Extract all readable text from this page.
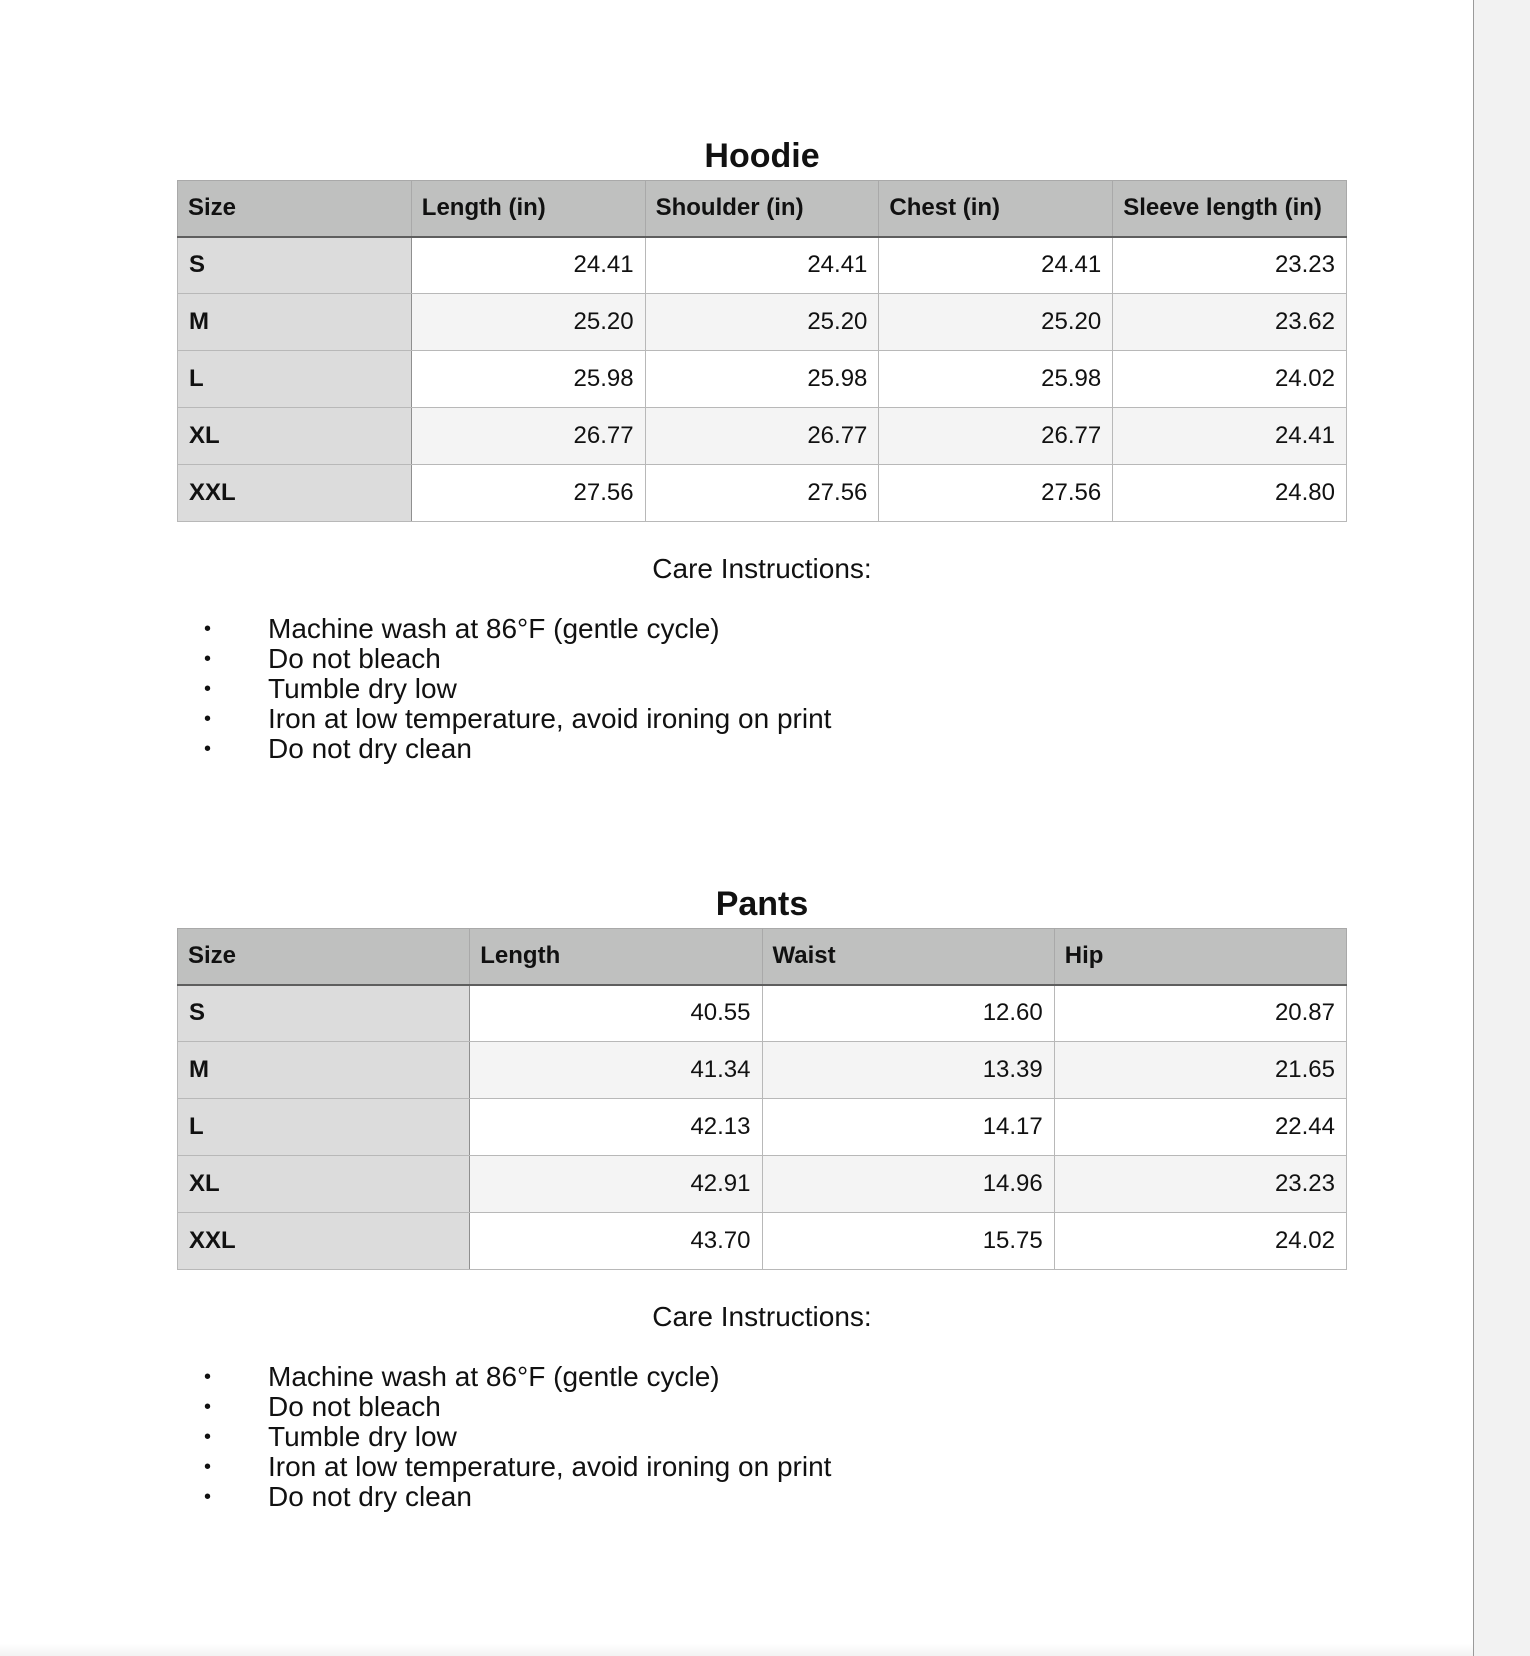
Hoodie
Size	Length (in)	Shoulder (in)	Chest (in)	Sleeve length (in)
S	24.41	24.41	24.41	23.23
M	25.20	25.20	25.20	23.62
L	25.98	25.98	25.98	24.02
XL	26.77	26.77	26.77	24.41
XXL	27.56	27.56	27.56	24.80
Care Instructions:
• Machine wash at 86°F (gentle cycle)
• Do not bleach
• Tumble dry low
• Iron at low temperature, avoid ironing on print
• Do not dry clean
Pants
Size	Length	Waist	Hip
S	40.55	12.60	20.87
M	41.34	13.39	21.65
L	42.13	14.17	22.44
XL	42.91	14.96	23.23
XXL	43.70	15.75	24.02
Care Instructions:
• Machine wash at 86°F (gentle cycle)
• Do not bleach
• Tumble dry low
• Iron at low temperature, avoid ironing on print
• Do not dry clean
